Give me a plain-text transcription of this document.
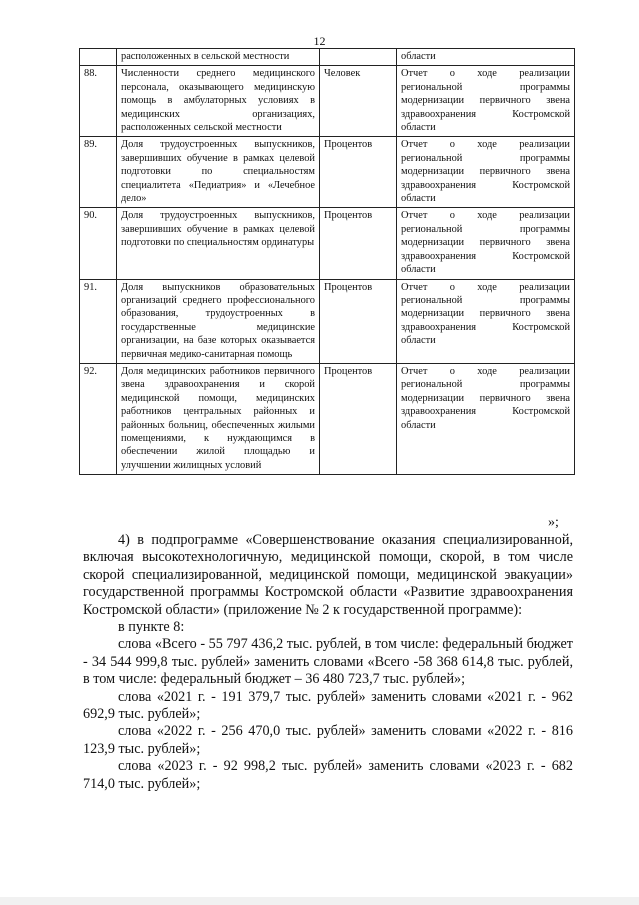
12
	расположенных в сельской местности		области
88.	Численности среднего медицинского персонала, оказывающего медицинскую помощь в амбулаторных условиях в медицинских организациях, расположенных сельской местности	Человек	Отчет о ходе реализации региональной программы модернизации первичного звена здравоохранения Костромской области
89.	Доля трудоустроенных выпускников, завершивших обучение в рамках целевой подготовки по специальностям специалитета «Педиатрия» и «Лечебное дело»	Процентов	Отчет о ходе реализации региональной программы модернизации первичного звена здравоохранения Костромской области
90.	Доля трудоустроенных выпускников, завершивших обучение в рамках целевой подготовки по специальностям ординатуры	Процентов	Отчет о ходе реализации региональной программы модернизации первичного звена здравоохранения Костромской области
91.	Доля выпускников образовательных организаций среднего профессионального образования, трудоустроенных в государственные медицинские организации, на базе которых оказывается первичная медико-санитарная помощь	Процентов	Отчет о ходе реализации региональной программы модернизации первичного звена здравоохранения Костромской области
92.	Доля медицинских работников первичного звена здравоохранения и скорой медицинской помощи, медицинских работников центральных районных и районных больниц, обеспеченных жилыми помещениями, к нуждающимся в обеспечении жилой площадью и улучшении жилищных условий	Процентов	Отчет о ходе реализации региональной программы модернизации первичного звена здравоохранения Костромской области
»;

4) в подпрограмме «Совершенствование оказания специализированной, включая высокотехнологичную, медицинской помощи, скорой, в том числе скорой специализированной, медицинской помощи, медицинской эвакуации» государственной программы Костромской области «Развитие здравоохранения Костромской области» (приложение № 2 к государственной программе):

в пункте 8:

слова «Всего - 55 797 436,2 тыс. рублей, в том числе: федеральный бюджет - 34 544 999,8 тыс. рублей» заменить словами «Всего -58 368 614,8 тыс. рублей, в том числе: федеральный бюджет – 36 480 723,7 тыс. рублей»;

слова «2021 г. - 191 379,7 тыс. рублей» заменить словами «2021 г. - 962 692,9 тыс. рублей»;

слова «2022 г. - 256 470,0 тыс. рублей» заменить словами «2022 г. - 816 123,9 тыс. рублей»;

слова «2023 г. - 92 998,2 тыс. рублей» заменить словами «2023 г. - 682 714,0 тыс. рублей»;
